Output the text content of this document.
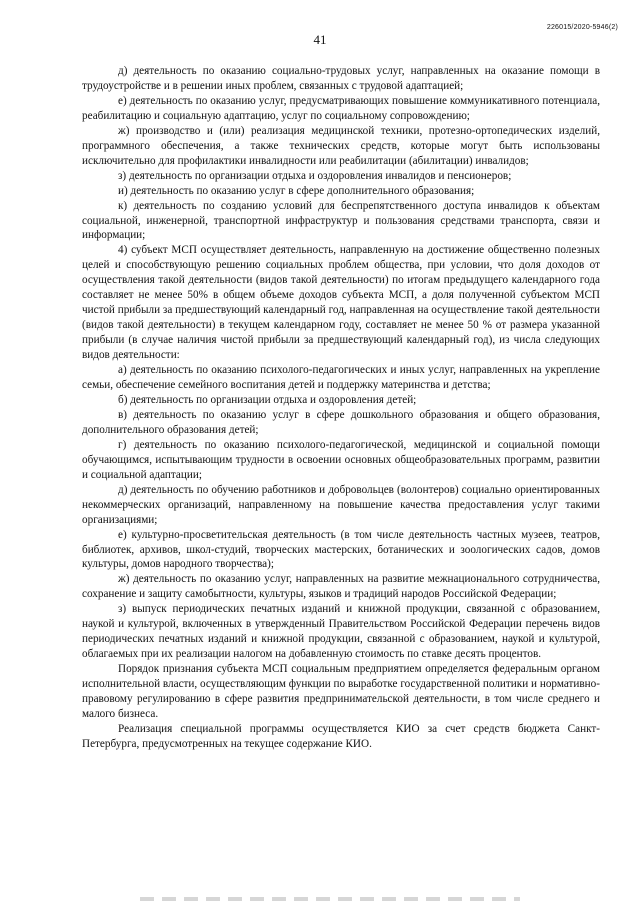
41
226015/2020-5946(2)

д) деятельность по оказанию социально-трудовых услуг, направленных на оказание помощи в трудоустройстве и в решении иных проблем, связанных с трудовой адаптацией;

е) деятельность по оказанию услуг, предусматривающих повышение коммуникативного потенциала, реабилитацию и социальную адаптацию, услуг по социальному сопровождению;

ж) производство и (или) реализация медицинской техники, протезно-ортопедических изделий, программного обеспечения, а также технических средств, которые могут быть использованы исключительно для профилактики инвалидности или реабилитации (абилитации) инвалидов;

з) деятельность по организации отдыха и оздоровления инвалидов и пенсионеров;

и) деятельность по оказанию услуг в сфере дополнительного образования;

к) деятельность по созданию условий для беспрепятственного доступа инвалидов к объектам социальной, инженерной, транспортной инфраструктур и пользования средствами транспорта, связи и информации;

4) субъект МСП осуществляет деятельность, направленную на достижение общественно полезных целей и способствующую решению социальных проблем общества, при условии, что доля доходов от осуществления такой деятельности (видов такой деятельности) по итогам предыдущего календарного года составляет не менее 50% в общем объеме доходов субъекта МСП, а доля полученной субъектом МСП чистой прибыли за предшествующий календарный год, направленная на осуществление такой деятельности (видов такой деятельности) в текущем календарном году, составляет не менее 50 % от размера указанной прибыли (в случае наличия чистой прибыли за предшествующий календарный год), из числа следующих видов деятельности:

а) деятельность по оказанию психолого-педагогических и иных услуг, направленных на укрепление семьи, обеспечение семейного воспитания детей и поддержку материнства и детства;

б) деятельность по организации отдыха и оздоровления детей;

в) деятельность по оказанию услуг в сфере дошкольного образования и общего образования, дополнительного образования детей;

г) деятельность по оказанию психолого-педагогической, медицинской и социальной помощи обучающимся, испытывающим трудности в освоении основных общеобразовательных программ, развитии и социальной адаптации;

д) деятельность по обучению работников и добровольцев (волонтеров) социально ориентированных некоммерческих организаций, направленному на повышение качества предоставления услуг такими организациями;

е) культурно-просветительская деятельность (в том числе деятельность частных музеев, театров, библиотек, архивов, школ-студий, творческих мастерских, ботанических и зоологических садов, домов культуры, домов народного творчества);

ж) деятельность по оказанию услуг, направленных на развитие межнационального сотрудничества, сохранение и защиту самобытности, культуры, языков и традиций народов Российской Федерации;

з) выпуск периодических печатных изданий и книжной продукции, связанной с образованием, наукой и культурой, включенных в утвержденный Правительством Российской Федерации перечень видов периодических печатных изданий и книжной продукции, связанной с образованием, наукой и культурой, облагаемых при их реализации налогом на добавленную стоимость по ставке десять процентов.

Порядок признания субъекта МСП социальным предприятием определяется федеральным органом исполнительной власти, осуществляющим функции по выработке государственной политики и нормативно-правовому регулированию в сфере развития предпринимательской деятельности, в том числе среднего и малого бизнеса.

Реализация специальной программы осуществляется КИО за счет средств бюджета Санкт-Петербурга, предусмотренных на текущее содержание КИО.
